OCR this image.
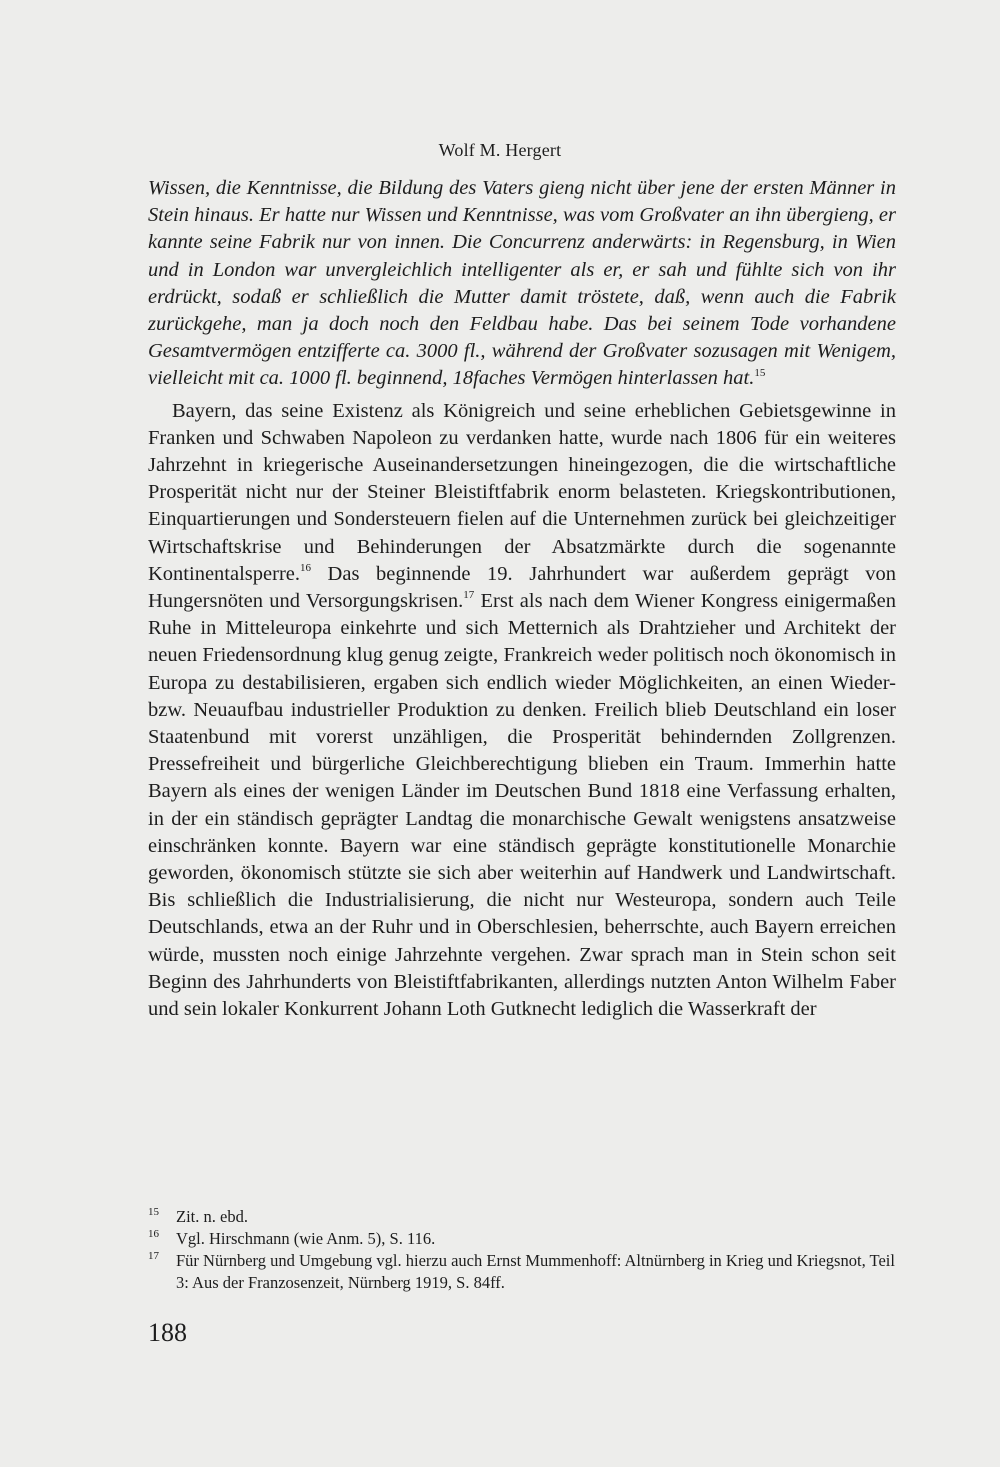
Wolf M. Hergert

Wissen, die Kenntnisse, die Bildung des Vaters gieng nicht über jene der ersten Männer in Stein hinaus. Er hatte nur Wissen und Kenntnisse, was vom Großvater an ihn übergieng, er kannte seine Fabrik nur von innen. Die Concurrenz anderwärts: in Regensburg, in Wien und in London war unvergleichlich intelligenter als er, er sah und fühlte sich von ihr erdrückt, sodaß er schließlich die Mutter damit tröstete, daß, wenn auch die Fabrik zurückgehe, man ja doch noch den Feldbau habe. Das bei seinem Tode vorhandene Gesamtvermögen entzifferte ca. 3000 fl., während der Großvater sozusagen mit Wenigem, vielleicht mit ca. 1000 fl. beginnend, 18faches Vermögen hinterlassen hat.$^{15}$

Bayern, das seine Existenz als Königreich und seine erheblichen Gebietsgewinne in Franken und Schwaben Napoleon zu verdanken hatte, wurde nach 1806 für ein weiteres Jahrzehnt in kriegerische Auseinandersetzungen hineingezogen, die die wirtschaftliche Prosperität nicht nur der Steiner Bleistiftfabrik enorm belasteten. Kriegskontributionen, Einquartierungen und Sondersteuern fielen auf die Unternehmen zurück bei gleichzeitiger Wirtschaftskrise und Behinderungen der Absatzmärkte durch die sogenannte Kontinentalsperre.$^{16}$ Das beginnende 19. Jahrhundert war außerdem geprägt von Hungersnöten und Versorgungskrisen.$^{17}$ Erst als nach dem Wiener Kongress einigermaßen Ruhe in Mitteleuropa einkehrte und sich Metternich als Drahtzieher und Architekt der neuen Friedensordnung klug genug zeigte, Frankreich weder politisch noch ökonomisch in Europa zu destabilisieren, ergaben sich endlich wieder Möglichkeiten, an einen Wieder- bzw. Neuaufbau industrieller Produktion zu denken. Freilich blieb Deutschland ein loser Staatenbund mit vorerst unzähligen, die Prosperität behindernden Zollgrenzen. Pressefreiheit und bürgerliche Gleichberechtigung blieben ein Traum. Immerhin hatte Bayern als eines der wenigen Länder im Deutschen Bund 1818 eine Verfassung erhalten, in der ein ständisch geprägter Landtag die monarchische Gewalt wenigstens ansatzweise einschränken konnte. Bayern war eine ständisch geprägte konstitutionelle Monarchie geworden, ökonomisch stützte sie sich aber weiterhin auf Handwerk und Landwirtschaft. Bis schließlich die Industrialisierung, die nicht nur Westeuropa, sondern auch Teile Deutschlands, etwa an der Ruhr und in Oberschlesien, beherrschte, auch Bayern erreichen würde, mussten noch einige Jahrzehnte vergehen. Zwar sprach man in Stein schon seit Beginn des Jahrhunderts von Bleistiftfabrikanten, allerdings nutzten Anton Wilhelm Faber und sein lokaler Konkurrent Johann Loth Gutknecht lediglich die Wasserkraft der

15 Zit. n. ebd.

16 Vgl. Hirschmann (wie Anm. 5), S. 116.

17 Für Nürnberg und Umgebung vgl. hierzu auch Ernst Mummenhoff: Altnürnberg in Krieg und Kriegsnot, Teil 3: Aus der Franzosenzeit, Nürnberg 1919, S. 84ff.

188
